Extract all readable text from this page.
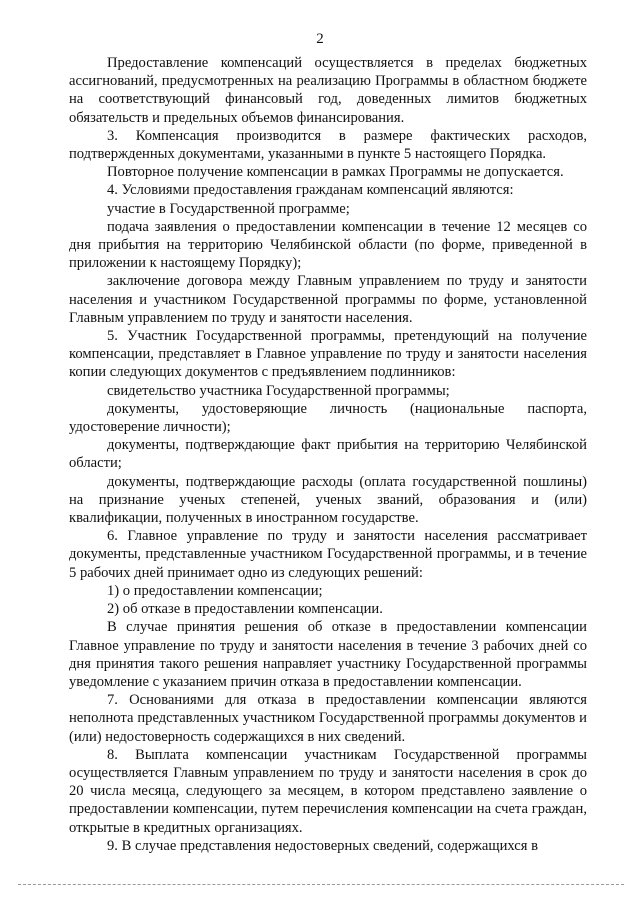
2

Предоставление компенсаций осуществляется в пределах бюджетных ассигнований, предусмотренных на реализацию Программы в областном бюджете на соответствующий финансовый год, доведенных лимитов бюджетных обязательств и предельных объемов финансирования.

3. Компенсация производится в размере фактических расходов, подтвержденных документами, указанными в пункте 5 настоящего Порядка.

Повторное получение компенсации в рамках Программы не допускается.

4. Условиями предоставления гражданам компенсаций являются:

участие в Государственной программе;

подача заявления о предоставлении компенсации в течение 12 месяцев со дня прибытия на территорию Челябинской области (по форме, приведенной в приложении к настоящему Порядку);

заключение договора между Главным управлением по труду и занятости населения и участником Государственной программы по форме, установленной Главным управлением по труду и занятости населения.

5. Участник Государственной программы, претендующий на получение компенсации, представляет в Главное управление по труду и занятости населения копии следующих документов с предъявлением подлинников:

свидетельство участника Государственной программы;

документы, удостоверяющие личность (национальные паспорта, удостоверение личности);

документы, подтверждающие факт прибытия на территорию Челябинской области;

документы, подтверждающие расходы (оплата государственной пошлины) на признание ученых степеней, ученых званий, образования и (или) квалификации, полученных в иностранном государстве.

6. Главное управление по труду и занятости населения рассматривает документы, представленные участником Государственной программы, и в течение 5 рабочих дней принимает одно из следующих решений:

1) о предоставлении компенсации;

2) об отказе в предоставлении компенсации.

В случае принятия решения об отказе в предоставлении компенсации Главное управление по труду и занятости населения в течение 3 рабочих дней со дня принятия такого решения направляет участнику Государственной программы уведомление с указанием причин отказа в предоставлении компенсации.

7. Основаниями для отказа в предоставлении компенсации являются неполнота представленных участником Государственной программы документов и (или) недостоверность содержащихся в них сведений.

8. Выплата компенсации участникам Государственной программы осуществляется Главным управлением по труду и занятости населения в срок до 20 числа месяца, следующего за месяцем, в котором представлено заявление о предоставлении компенсации, путем перечисления компенсации на счета граждан, открытые в кредитных организациях.

9. В случае представления недостоверных сведений, содержащихся в
